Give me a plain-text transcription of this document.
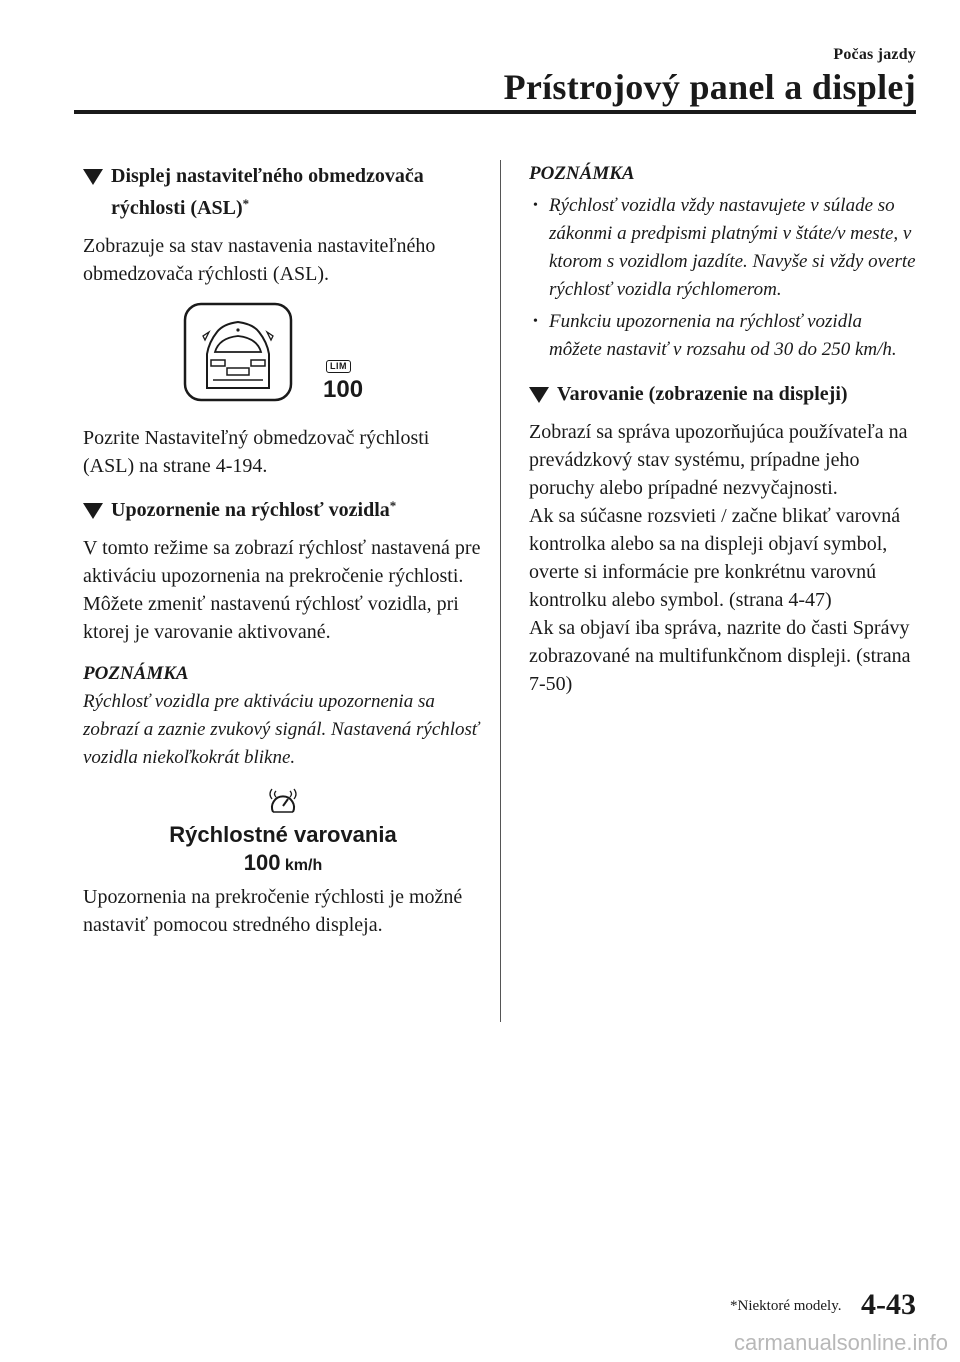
Počas jazdy
Prístrojový panel a displej
Displej nastaviteľného obmedzovača rýchlosti (ASL)*

Zobrazuje sa stav nastavenia nastaviteľného obmedzovača rýchlosti (ASL).

LIM
100

Pozrite Nastaviteľný obmedzovač rýchlosti (ASL) na strane 4-194.

Upozornenie na rýchlosť vozidla*

V tomto režime sa zobrazí rýchlosť nastavená pre aktiváciu upozornenia na prekročenie rýchlosti. Môžete zmeniť nastavenú rýchlosť vozidla, pri ktorej je varovanie aktivované.

POZNÁMKA

Rýchlosť vozidla pre aktiváciu upozornenia sa zobrazí a zaznie zvukový signál. Nastavená rýchlosť vozidla niekoľkokrát blikne.

Rýchlostné varovania
100 km/h

Upozornenia na prekročenie rýchlosti je možné nastaviť pomocou stredného displeja.

POZNÁMKA

• Rýchlosť vozidla vždy nastavujete v súlade so zákonmi a predpismi platnými v štáte/v meste, v ktorom s vozidlom jazdíte. Navyše si vždy overte rýchlosť vozidla rýchlomerom.
• Funkciu upozornenia na rýchlosť vozidla môžete nastaviť v rozsahu od 30 do 250 km/h.
Varovanie (zobrazenie na displeji)

Zobrazí sa správa upozorňujúca používateľa na prevádzkový stav systému, prípadne jeho poruchy alebo prípadné nezvyčajnosti.

Ak sa súčasne rozsvieti / začne blikať varovná kontrolka alebo sa na displeji objaví symbol, overte si informácie pre konkrétnu varovnú kontrolku alebo symbol. (strana 4-47)

Ak sa objaví iba správa, nazrite do časti Správy zobrazované na multifunkčnom displeji. (strana 7-50)

*Niektoré modely. 4-43
carmanualsonline.info
